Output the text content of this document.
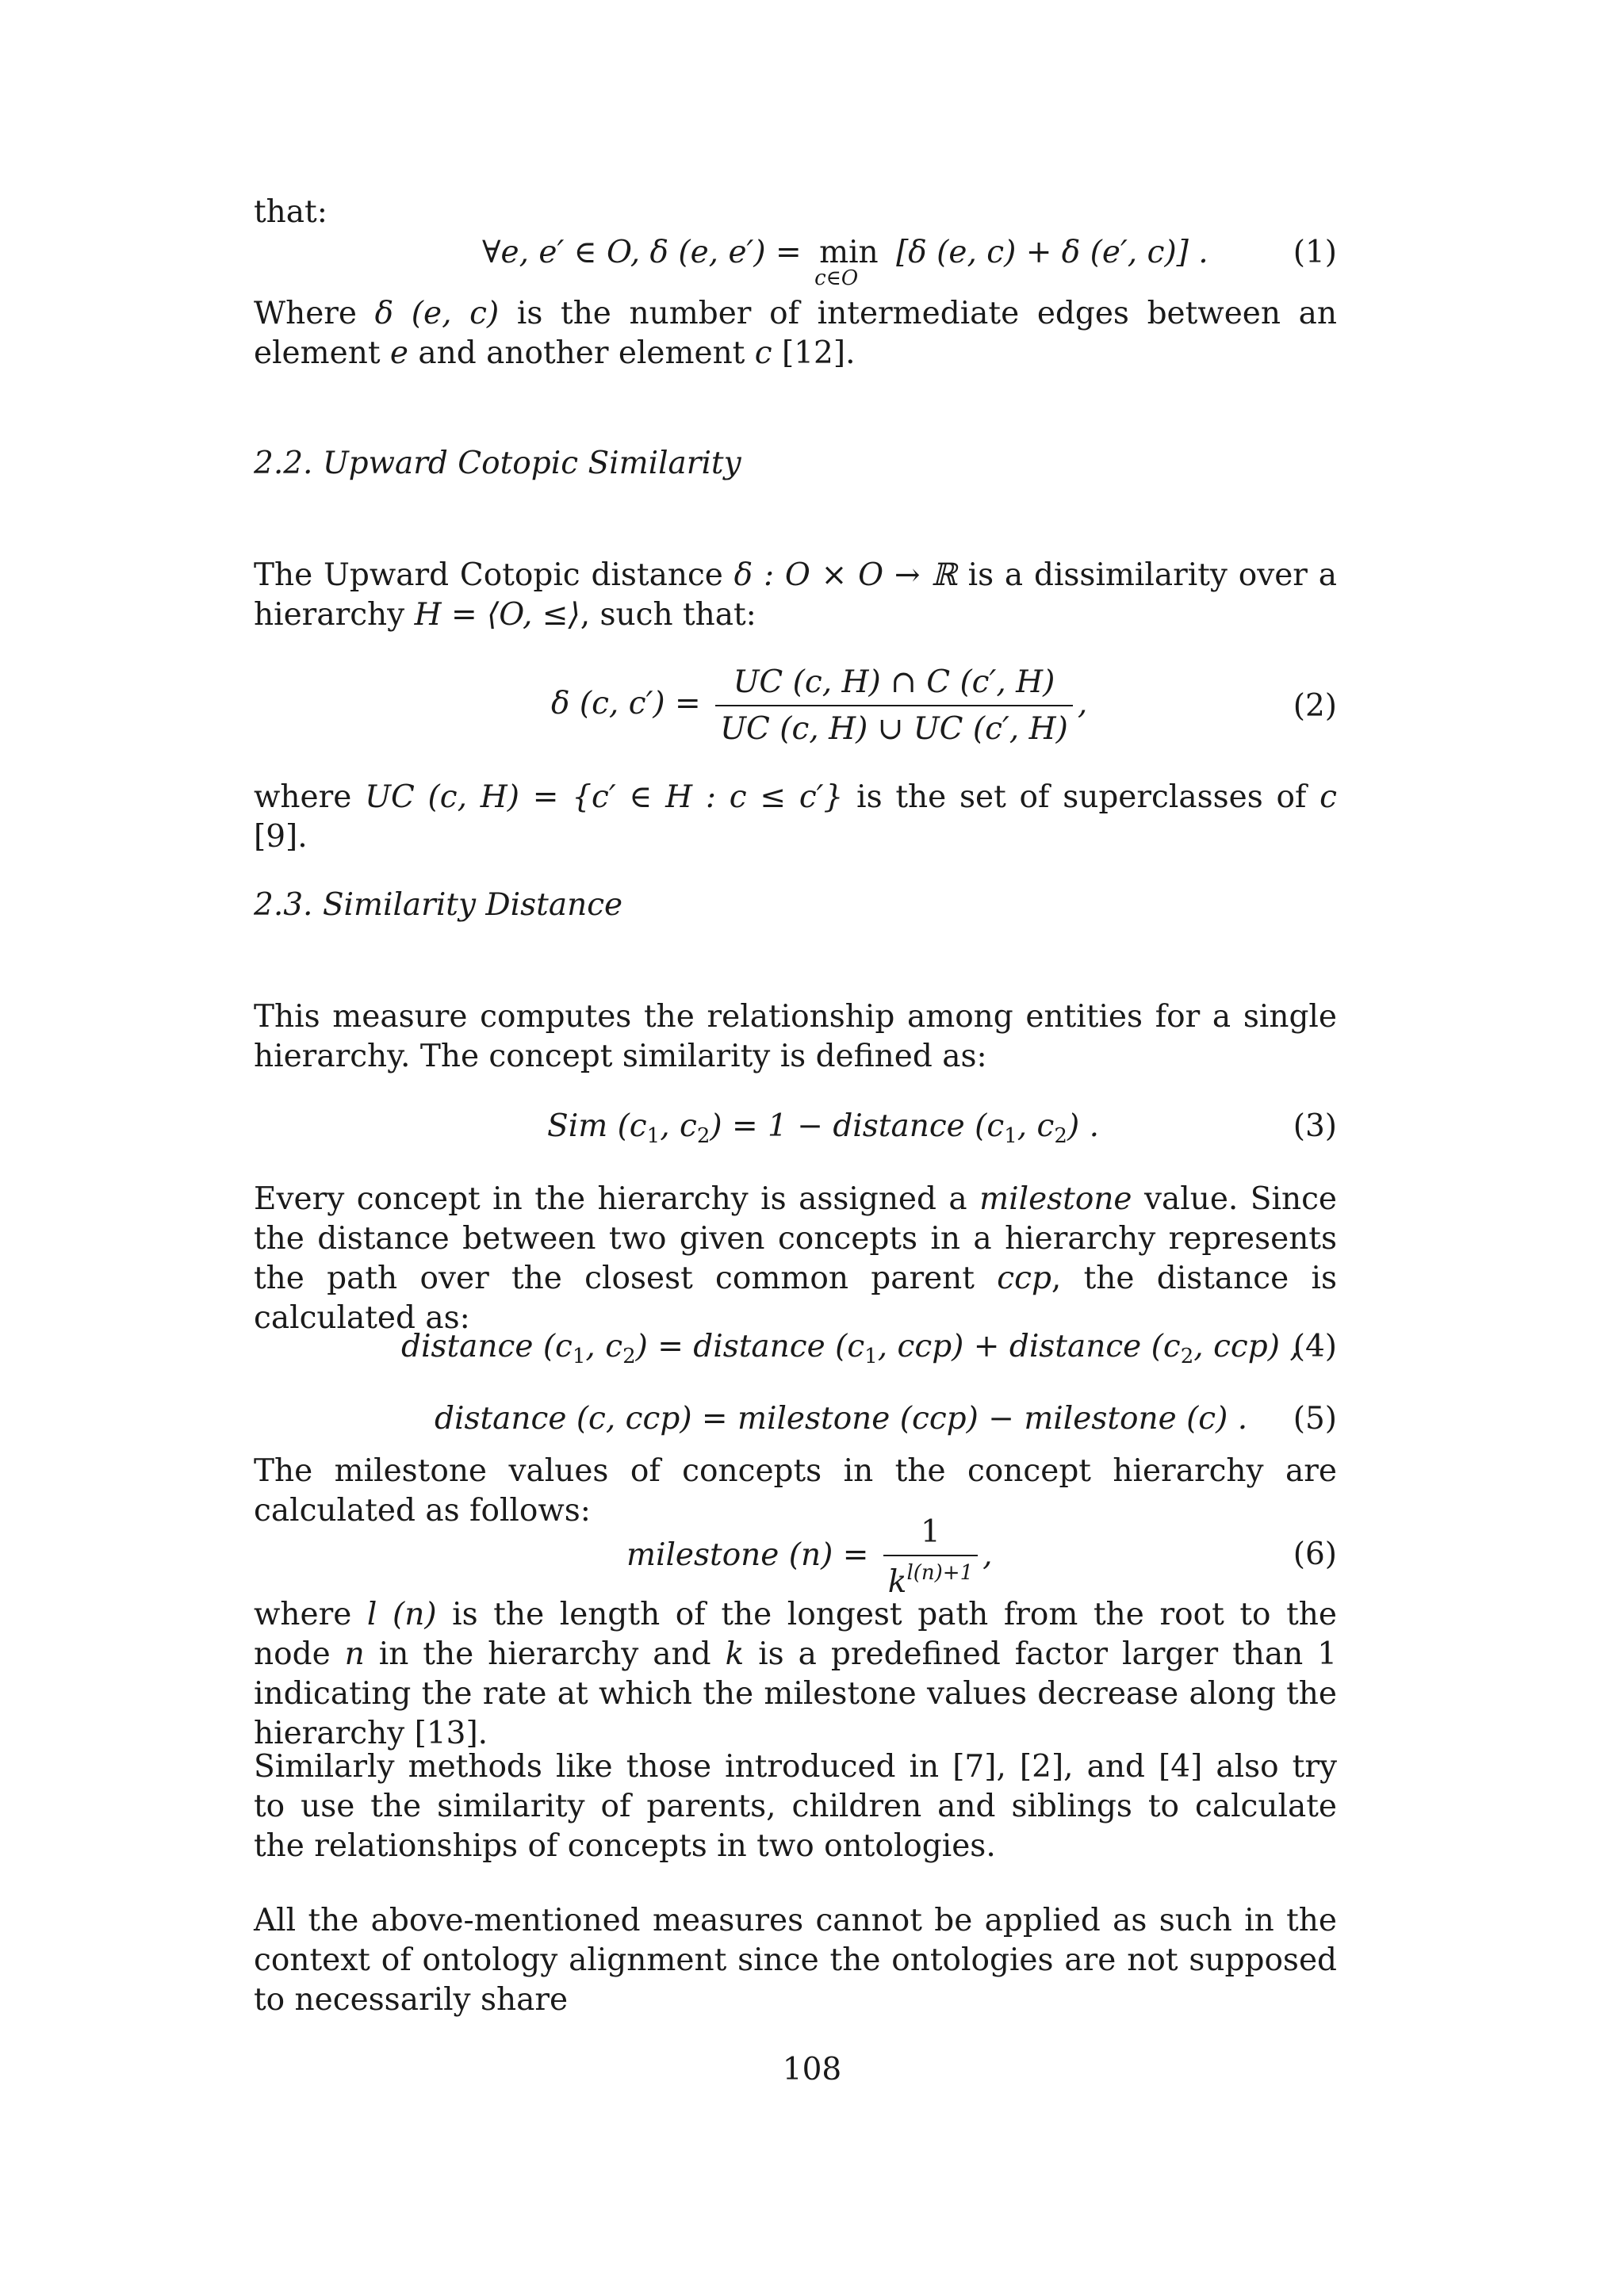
that:

∀e, e′ ∈ O, δ (e, e′) = min
c∈O
[δ (e, c) + δ (e′, c)] .	(1)

Where δ (e, c) is the number of intermediate edges between an element e and another element c [12].

2.2. Upward Cotopic Similarity

The Upward Cotopic distance δ : O × O → ℝ is a dissimilarity over a hierarchy H = ⟨O, ≤⟩, such that:

δ (c, $c') = \frac{UC (c, H) \cap C (c', H)}{UC (c, H) \cup UC (c', H)}$ ,	(2)

where UC (c, H) = {c′ ∈ H : c ≤ c′} is the set of superclasses of c [9].

2.3. Similarity Distance

This measure computes the relationship among entities for a single hierarchy. The concept similarity is defined as:

Sim ($c_1$, $c_2) = 1$ − distance ($c_1$, $c_2$) .	(3)

Every concept in the hierarchy is assigned a milestone value. Since the distance between two given concepts in a hierarchy represents the path over the closest common parent ccp, the distance is calculated as:

distance ($c_1$, $c_2$) = distance ($c_1$, ccp) + distance ($c_2$, ccp) ,
(4)
distance (c, ccp) = milestone (ccp) − milestone (c) . (5)

The milestone values of concepts in the concept hierarchy are calculated as follows:

milestone $(n) = \frac{1}{k^{l(n)+1}}$ ,	(6)

where l (n) is the length of the longest path from the root to the node n in the hierarchy and k is a predefined factor larger than 1 indicating the rate at which the milestone values decrease along the hierarchy [13].

Similarly methods like those introduced in [7], [2], and [4] also try to use the similarity of parents, children and siblings to calculate the relationships of concepts in two ontologies.

All the above-mentioned measures cannot be applied as such in the context of ontology alignment since the ontologies are not supposed to necessarily share

108
